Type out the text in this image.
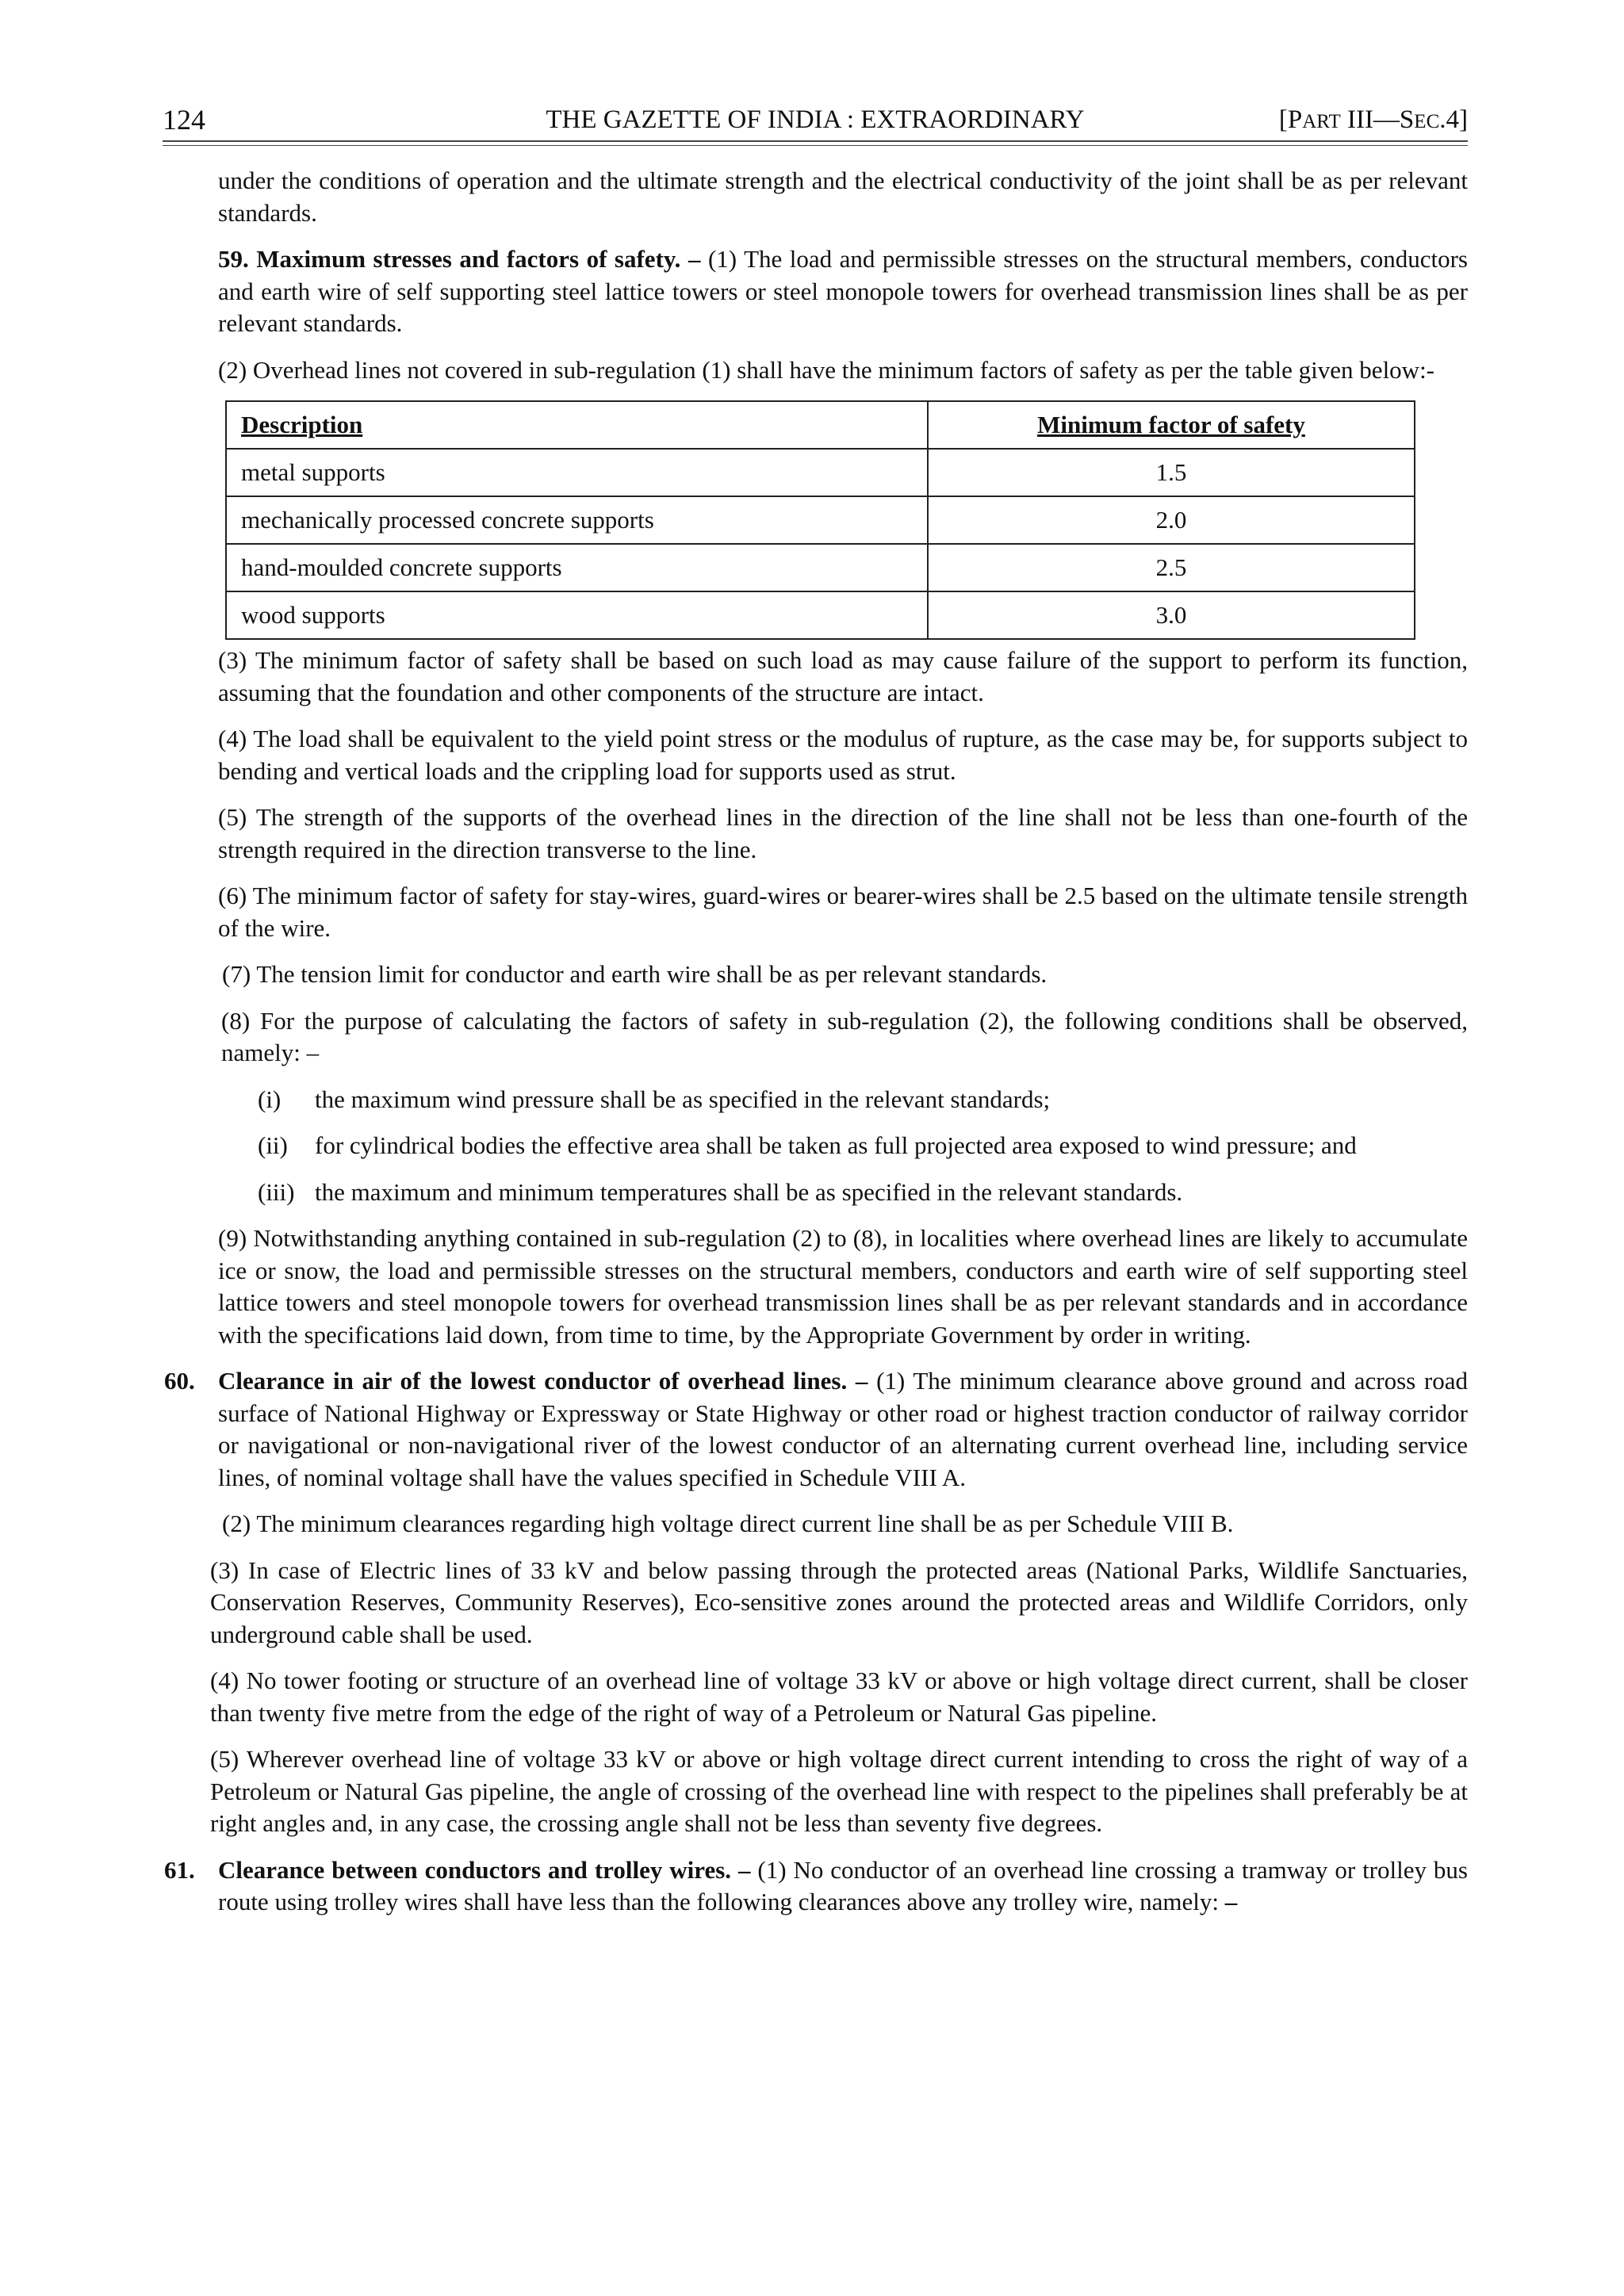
124	THE GAZETTE OF INDIA : EXTRAORDINARY	[PART III—SEC.4]

under the conditions of operation and the ultimate strength and the electrical conductivity of the joint shall be as per relevant standards.

59. Maximum stresses and factors of safety. – (1) The load and permissible stresses on the structural members, conductors and earth wire of self supporting steel lattice towers or steel monopole towers for overhead transmission lines shall be as per relevant standards.

(2) Overhead lines not covered in sub-regulation (1) shall have the minimum factors of safety as per the table given below:-

Description	Minimum factor of safety
metal supports	1.5
mechanically processed concrete supports	2.0
hand-moulded concrete supports	2.5
wood supports	3.0

(3) The minimum factor of safety shall be based on such load as may cause failure of the support to perform its function, assuming that the foundation and other components of the structure are intact.

(4) The load shall be equivalent to the yield point stress or the modulus of rupture, as the case may be, for supports subject to bending and vertical loads and the crippling load for supports used as strut.

(5) The strength of the supports of the overhead lines in the direction of the line shall not be less than one-fourth of the strength required in the direction transverse to the line.

(6) The minimum factor of safety for stay-wires, guard-wires or bearer-wires shall be 2.5 based on the ultimate tensile strength of the wire.

(7) The tension limit for conductor and earth wire shall be as per relevant standards.

(8) For the purpose of calculating the factors of safety in sub-regulation (2), the following conditions shall be observed, namely: –

(i) the maximum wind pressure shall be as specified in the relevant standards;
(ii) for cylindrical bodies the effective area shall be taken as full projected area exposed to wind pressure; and
(iii) the maximum and minimum temperatures shall be as specified in the relevant standards.

(9) Notwithstanding anything contained in sub-regulation (2) to (8), in localities where overhead lines are likely to accumulate ice or snow, the load and permissible stresses on the structural members, conductors and earth wire of self supporting steel lattice towers and steel monopole towers for overhead transmission lines shall be as per relevant standards and in accordance with the specifications laid down, from time to time, by the Appropriate Government by order in writing.

60. Clearance in air of the lowest conductor of overhead lines. – (1) The minimum clearance above ground and across road surface of National Highway or Expressway or State Highway or other road or highest traction conductor of railway corridor or navigational or non-navigational river of the lowest conductor of an alternating current overhead line, including service lines, of nominal voltage shall have the values specified in Schedule VIII A.

(2) The minimum clearances regarding high voltage direct current line shall be as per Schedule VIII B.

(3) In case of Electric lines of 33 kV and below passing through the protected areas (National Parks, Wildlife Sanctuaries, Conservation Reserves, Community Reserves), Eco-sensitive zones around the protected areas and Wildlife Corridors, only underground cable shall be used.

(4) No tower footing or structure of an overhead line of voltage 33 kV or above or high voltage direct current, shall be closer than twenty five metre from the edge of the right of way of a Petroleum or Natural Gas pipeline.

(5) Wherever overhead line of voltage 33 kV or above or high voltage direct current intending to cross the right of way of a Petroleum or Natural Gas pipeline, the angle of crossing of the overhead line with respect to the pipelines shall preferably be at right angles and, in any case, the crossing angle shall not be less than seventy five degrees.

61. Clearance between conductors and trolley wires. – (1) No conductor of an overhead line crossing a tramway or trolley bus route using trolley wires shall have less than the following clearances above any trolley wire, namely: –
